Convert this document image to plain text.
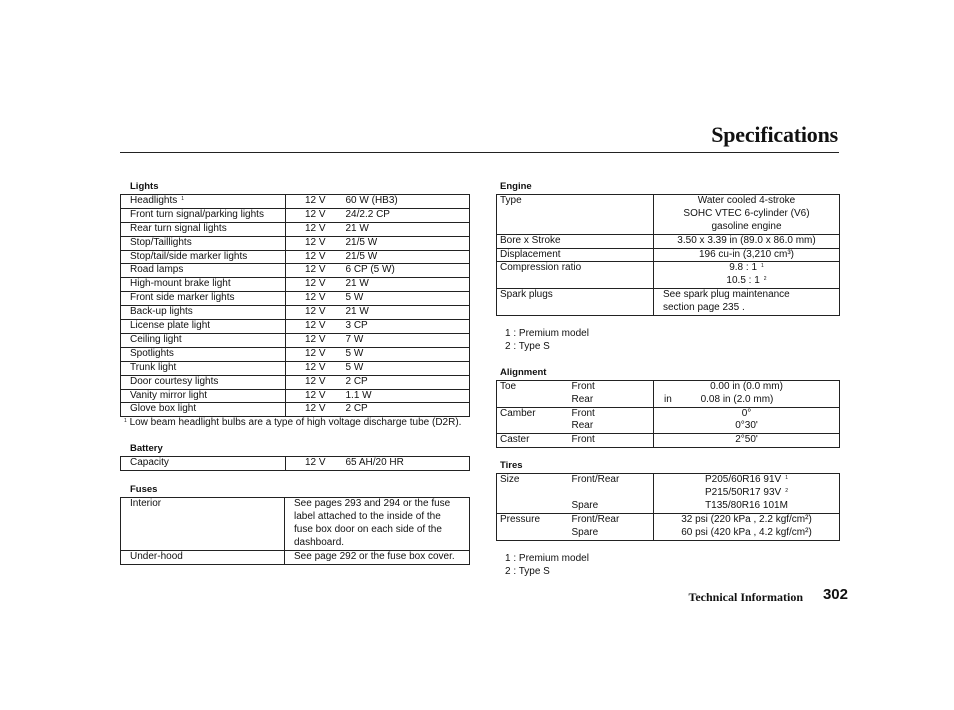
Specifications
Lights
Headlights $^1$	12 V	60 W (HB3)
Front turn signal/parking lights	12 V	24/2.2 CP
Rear turn signal lights	12 V	21 W
Stop/Taillights	12 V	21/5 W
Stop/tail/side marker lights	12 V	21/5 W
Road lamps	12 V	6 CP (5 W)
High-mount brake light	12 V	21 W
Front side marker lights	12 V	5 W
Back-up lights	12 V	21 W
License plate light	12 V	3 CP
Ceiling light	12 V	7 W
Spotlights	12 V	5 W
Trunk light	12 V	5 W
Door courtesy lights	12 V	2 CP
Vanity mirror light	12 V	1.1 W
Glove box light	12 V	2 CP
$^1$ Low beam headlight bulbs are a type of high voltage discharge tube (D2R).
Battery
Capacity	12 V	65 AH/20 HR
Fuses
Interior	See pages 293 and 294 or the fuse label attached to the inside of the fuse box door on each side of the dashboard.
Under-hood	See page 292 or the fuse box cover.
Engine
Type	Water cooled 4-stroke
SOHC VTEC 6-cylinder (V6)
gasoline engine

Bore x Stroke	3.50 x 3.39 in (89.0 x 86.0 mm)
Displacement	196 cu-in (3,210 cm³)
Compression ratio	9.8 : 1 $^1$
10.5 : 1 $^2$

Spark plugs	See spark plug maintenance section page 235 .
1 : Premium model
2 : Type S
Alignment
Toe	Front	0.00 in (0.0 mm)
	Rear	in 0.08 in (2.0 mm)
Camber	Front	0°
	Rear	0°30'
Caster	Front	2°50'
Tires
Size	Front/Rear	P205/60R16 91V $^1$
P215/50R17 93V $^2$

	Spare	T135/80R16 101M
Pressure	Front/Rear	32 psi (220 kPa , 2.2 kgf/cm²)
	Spare	60 psi (420 kPa , 4.2 kgf/cm²)
1 : Premium model
2 : Type S
Technical Information 302
